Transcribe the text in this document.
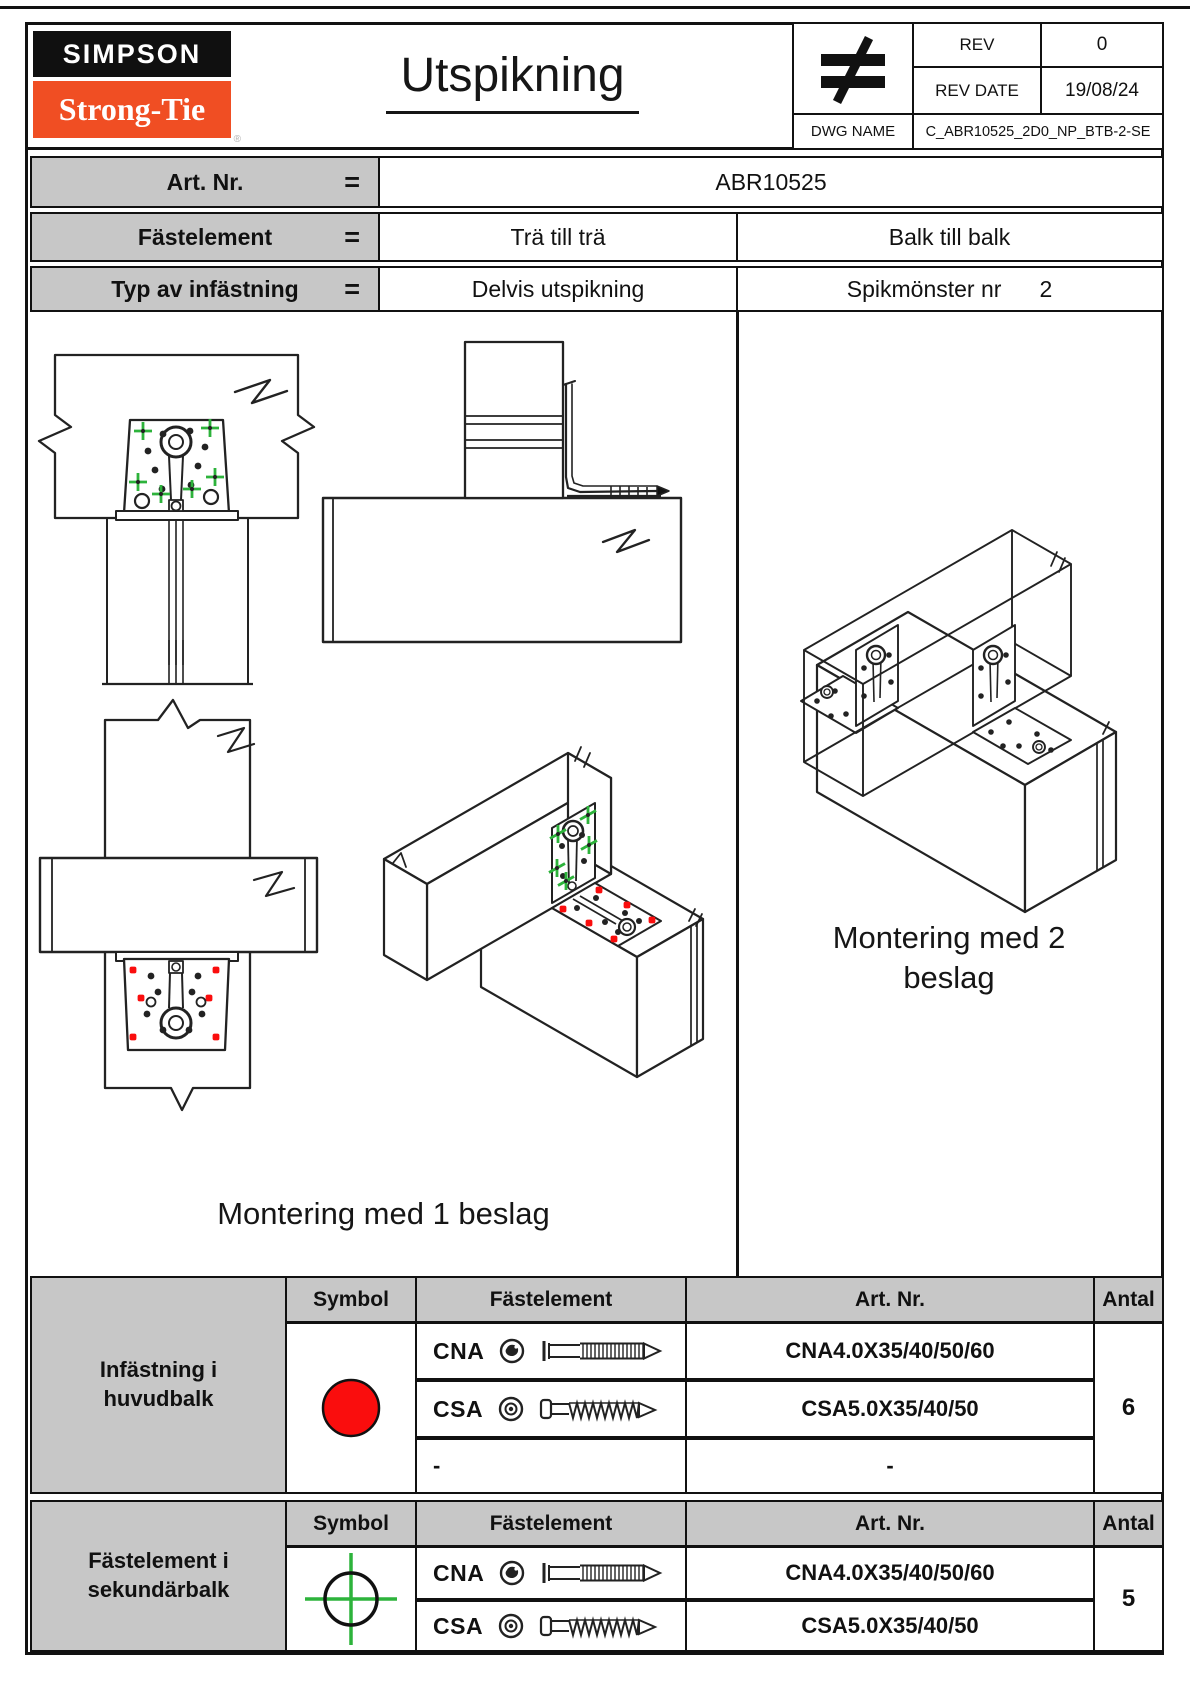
SIMPSON
Strong-Tie
®
Utspikning
REV	0
REV DATE 19/08/24
DWG NAME C_ABR10525_2D0_NP_BTB-2-SE
Art. Nr.	=	ABR10525
Fästelement	=	Trä till trä	Balk till balk
Typ av infästning =	Delvis utspikning	Spikmönster nr 2
Montering med 1 beslag
Montering med 2
beslag
Infästning i
huvudbalk
Symbol	Fästelement	Art. Nr.	Antal
CNA	CNA4.0X35/40/50/60
CSA	CSA5.0X35/40/50
-	-
6
Fästelement i
sekundärbalk
Symbol	Fästelement	Art. Nr.	Antal
CNA	CNA4.0X35/40/50/60
CSA	CSA5.0X35/40/50
5
